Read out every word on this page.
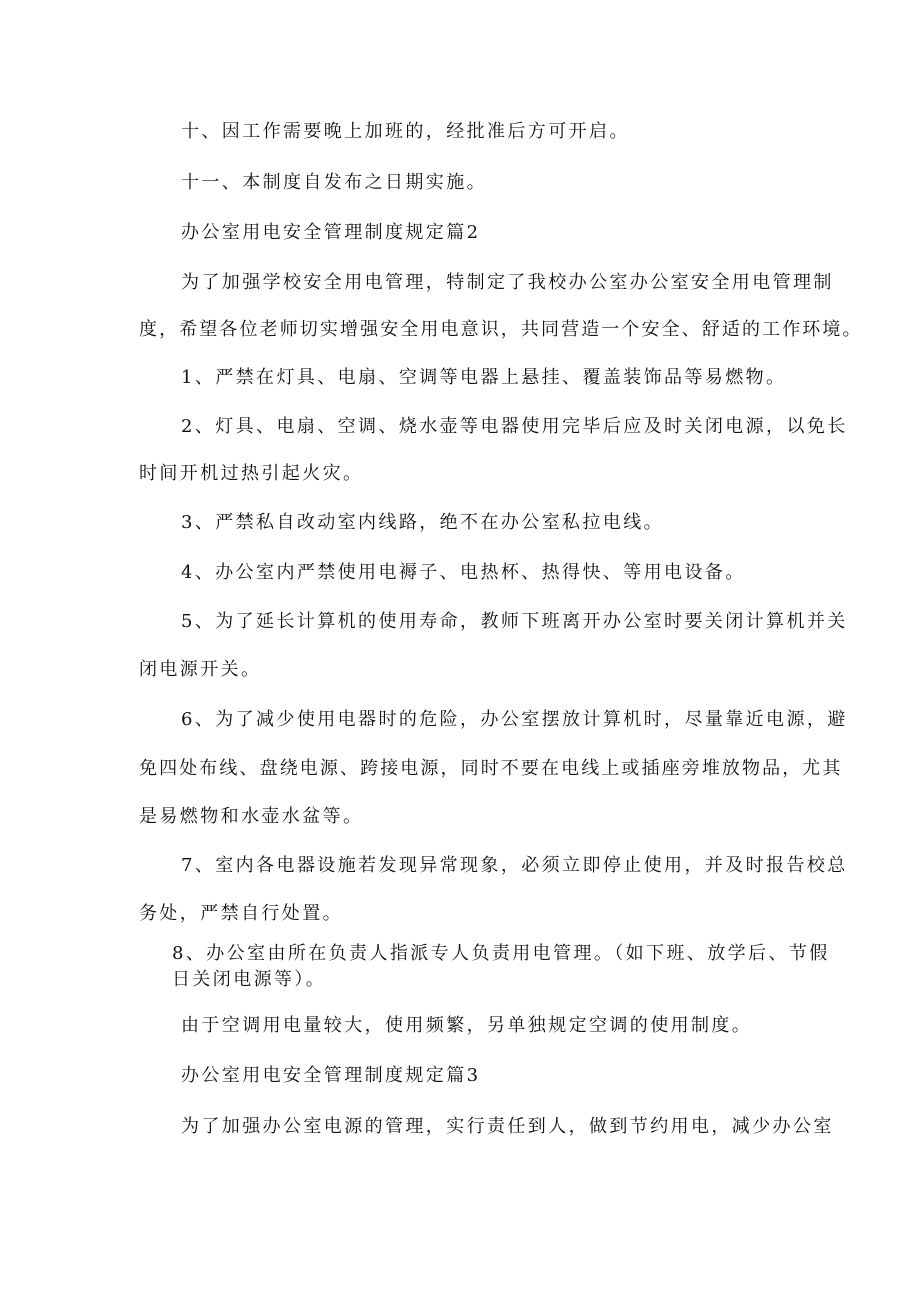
十、因工作需要晚上加班的，经批准后方可开启。
十一、本制度自发布之日期实施。
办公室用电安全管理制度规定篇2
为了加强学校安全用电管理，特制定了我校办公室办公室安全用电管理制
度，希望各位老师切实增强安全用电意识，共同营造一个安全、舒适的工作环境。
1、严禁在灯具、电扇、空调等电器上悬挂、覆盖装饰品等易燃物。
2、灯具、电扇、空调、烧水壶等电器使用完毕后应及时关闭电源，以免长
时间开机过热引起火灾。
3、严禁私自改动室内线路，绝不在办公室私拉电线。
4、办公室内严禁使用电褥子、电热杯、热得快、等用电设备。
5、为了延长计算机的使用寿命，教师下班离开办公室时要关闭计算机并关
闭电源开关。
6、为了减少使用电器时的危险，办公室摆放计算机时，尽量靠近电源，避
免四处布线、盘绕电源、跨接电源，同时不要在电线上或插座旁堆放物品，尤其
是易燃物和水壶水盆等。
7、室内各电器设施若发现异常现象，必须立即停止使用，并及时报告校总
务处，严禁自行处置。
8、办公室由所在负责人指派专人负责用电管理。（如下班、放学后、节假
日关闭电源等）。
由于空调用电量较大，使用频繁，另单独规定空调的使用制度。
办公室用电安全管理制度规定篇3
为了加强办公室电源的管理，实行责任到人，做到节约用电，减少办公室
